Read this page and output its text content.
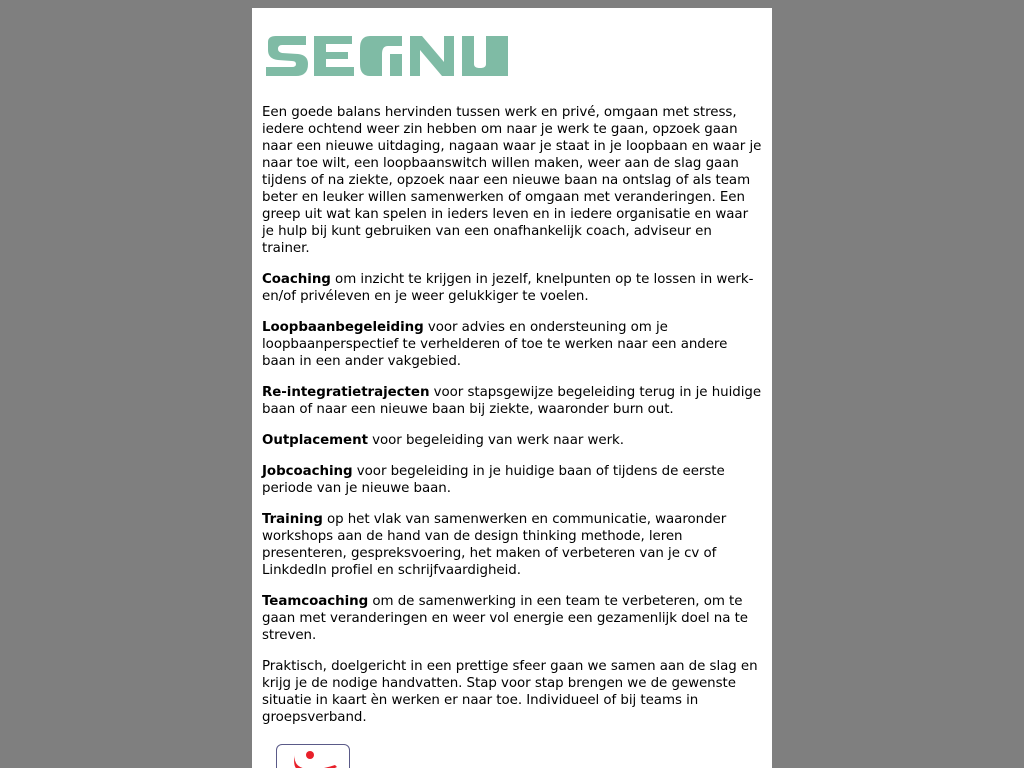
Een goede balans hervinden tussen werk en privé, omgaan met stress, iedere ochtend weer zin hebben om naar je werk te gaan, opzoek gaan naar een nieuwe uitdaging, nagaan waar je staat in je loopbaan en waar je naar toe wilt, een loopbaanswitch willen maken, weer aan de slag gaan tijdens of na ziekte, opzoek naar een nieuwe baan na ontslag of als team beter en leuker willen samenwerken of omgaan met veranderingen. Een greep uit wat kan spelen in ieders leven en in iedere organisatie en waar je hulp bij kunt gebruiken van een onafhankelijk coach, adviseur en trainer.

Coaching om inzicht te krijgen in jezelf, knelpunten op te lossen in werk- en/of privéleven en je weer gelukkiger te voelen.

Loopbaanbegeleiding voor advies en ondersteuning om je loopbaanperspectief te verhelderen of toe te werken naar een andere baan in een ander vakgebied.

Re-integratietrajecten voor stapsgewijze begeleiding terug in je huidige baan of naar een nieuwe baan bij ziekte, waaronder burn out.

Outplacement voor begeleiding van werk naar werk.

Jobcoaching voor begeleiding in je huidige baan of tijdens de eerste periode van je nieuwe baan.

Training op het vlak van samenwerken en communicatie, waaronder workshops aan de hand van de design thinking methode, leren presenteren, gespreksvoering, het maken of verbeteren van je cv of LinkdedIn profiel en schrijfvaardigheid.

Teamcoaching om de samenwerking in een team te verbeteren, om te gaan met veranderingen en weer vol energie een gezamenlijk doel na te streven.

Praktisch, doelgericht in een prettige sfeer gaan we samen aan de slag en krijg je de nodige handvatten. Stap voor stap brengen we de gewenste situatie in kaart èn werken er naar toe. Individueel of bij teams in groepsverband.
